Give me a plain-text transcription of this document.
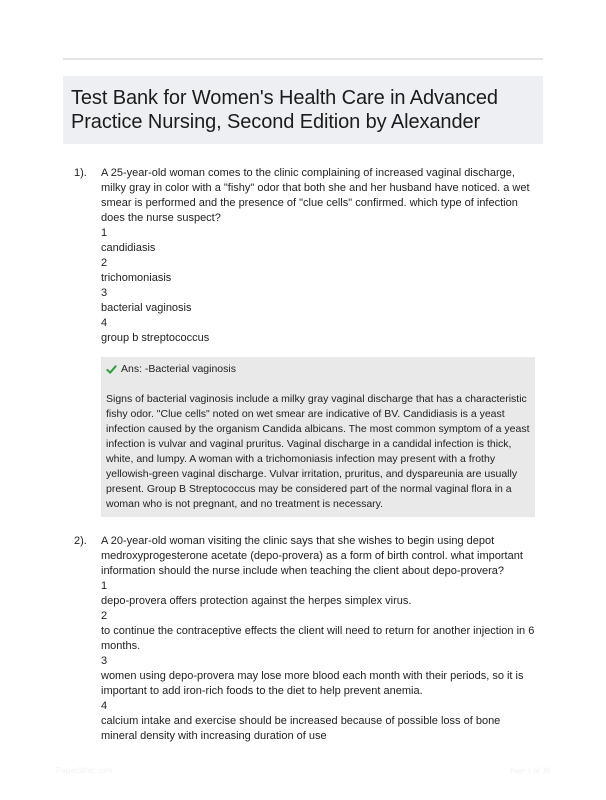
Test Bank for Women's Health Care in Advanced Practice Nursing, Second Edition by Alexander
1). A 25-year-old woman comes to the clinic complaining of increased vaginal discharge, milky gray in color with a "fishy" odor that both she and her husband have noticed. a wet smear is performed and the presence of "clue cells" confirmed. which type of infection does the nurse suspect?

1
candidiasis
2
trichomoniasis
3
bacterial vaginosis
4
group b streptococcus
Ans: -Bacterial vaginosis
Signs of bacterial vaginosis include a milky gray vaginal discharge that has a characteristic fishy odor. "Clue cells" noted on wet smear are indicative of BV. Candidiasis is a yeast infection caused by the organism Candida albicans. The most common symptom of a yeast infection is vulvar and vaginal pruritus. Vaginal discharge in a candidal infection is thick, white, and lumpy. A woman with a trichomoniasis infection may present with a frothy yellowish-green vaginal discharge. Vulvar irritation, pruritus, and dyspareunia are usually present. Group B Streptococcus may be considered part of the normal vaginal flora in a woman who is not pregnant, and no treatment is necessary.
2). A 20-year-old woman visiting the clinic says that she wishes to begin using depot medroxyprogesterone acetate (depo-provera) as a form of birth control. what important information should the nurse include when teaching the client about depo-provera?

1
depo-provera offers protection against the herpes simplex virus.
2
to continue the contraceptive effects the client will need to return for another injection in 6 months.
3
women using depo-provera may lose more blood each month with their periods, so it is important to add iron-rich foods to the diet to help prevent anemia.
4
calcium intake and exercise should be increased because of possible loss of bone mineral density with increasing duration of use
PaperSthic.com	Page 1 of 39
